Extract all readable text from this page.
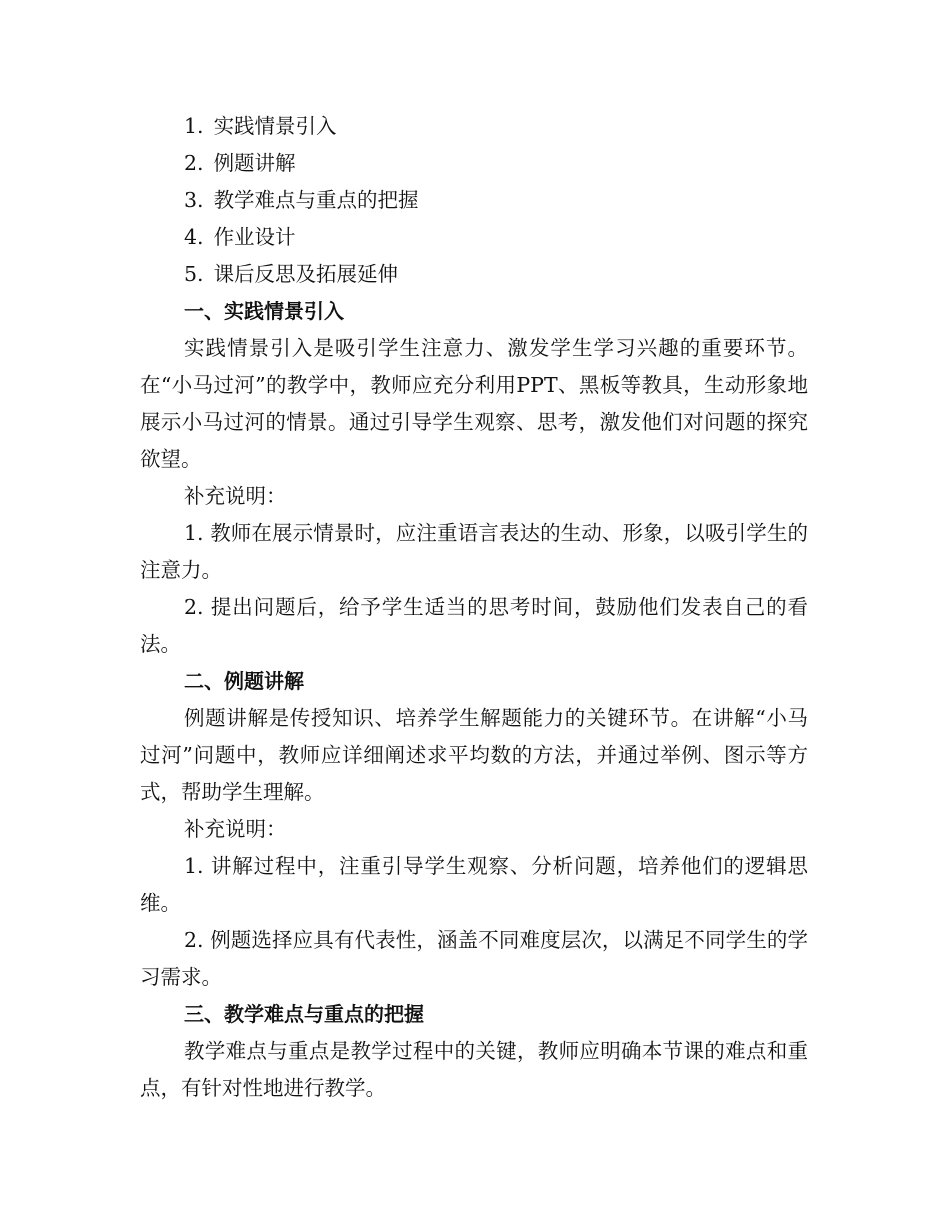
1. 实践情景引入

2. 例题讲解

3. 教学难点与重点的把握

4. 作业设计

5. 课后反思及拓展延伸

一、实践情景引入

实践情景引入是吸引学生注意力、激发学生学习兴趣的重要环节。在“小马过河”的教学中，教师应充分利用PPT、黑板等教具，生动形象地展示小马过河的情景。通过引导学生观察、思考，激发他们对问题的探究欲望。

补充说明：

1. 教师在展示情景时，应注重语言表达的生动、形象，以吸引学生的注意力。

2. 提出问题后，给予学生适当的思考时间，鼓励他们发表自己的看法。

二、例题讲解

例题讲解是传授知识、培养学生解题能力的关键环节。在讲解“小马过河”问题中，教师应详细阐述求平均数的方法，并通过举例、图示等方式，帮助学生理解。

补充说明：

1. 讲解过程中，注重引导学生观察、分析问题，培养他们的逻辑思维。

2. 例题选择应具有代表性，涵盖不同难度层次，以满足不同学生的学习需求。

三、教学难点与重点的把握

教学难点与重点是教学过程中的关键，教师应明确本节课的难点和重点，有针对性地进行教学。
